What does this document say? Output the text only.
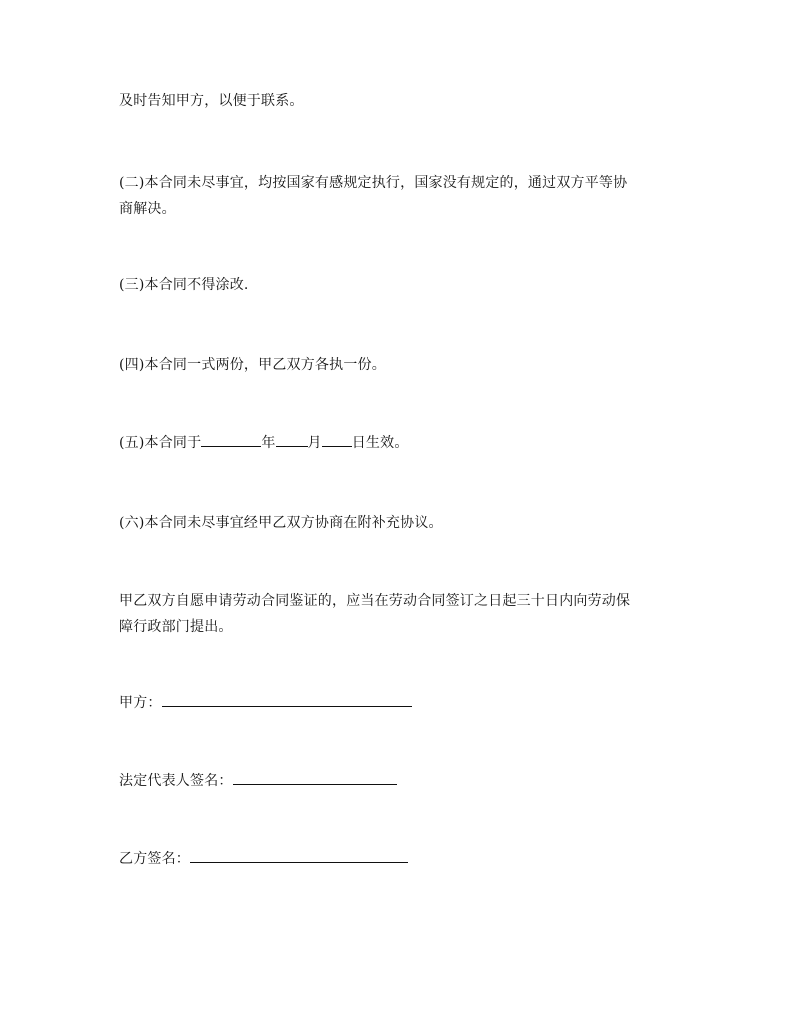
及时告知甲方，以便于联系。
(二)本合同未尽事宜，均按国家有感规定执行，国家没有规定的，通过双方平等协
商解决。
(三)本合同不得涂改.
(四)本合同一式两份，甲乙双方各执一份。
(五)本合同于	年 月 日生效。
(六)本合同未尽事宜经甲乙双方协商在附补充协议。
甲乙双方自愿申请劳动合同鉴证的，应当在劳动合同签订之日起三十日内向劳动保
障行政部门提出。
甲方：
法定代表人签名：
乙方签名：
